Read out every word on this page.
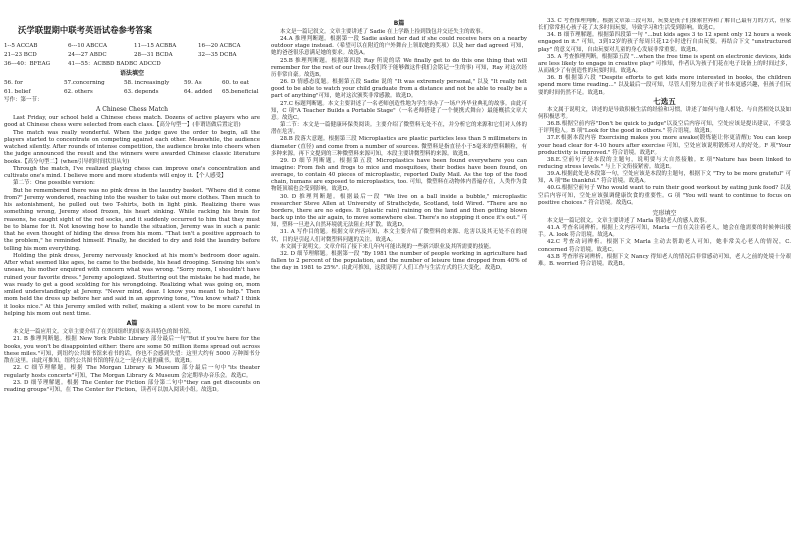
沃学联盟期中联考英语试卷参考答案
1--5 ACCAB	6---10 ABCCA	11---15 ACBBA	16---20 ACBCA
21--23 BCD	24---27 ABDC	28---31 BCDA	32---35 DCBA
36---40：BFEAG	41---55：ACBBD BADBC ADCCD
语法填空
56. for	57.concerning	58. increasingly	59. As	60. to eat
61. belief	62. others	63. depends	64. added	65.beneficial

写作：第一节：

A Chinese Chess Match

Last Friday, our school held a Chinese chess match. Dozens of active players who are good at Chinese chess were selected from each class.【高分句型一】(非谓语做后置定语)

The match was really wonderful. When the judge gave the order to begin, all the players started to concentrate on competing against each other. Meanwhile, the audience watched silently. After rounds of intense competition, the audience broke into cheers when the judge announced the result and the winners were awarded Chinese classic literature books.【高分句型二】(when引导的时间状语从句)

Through the match, I've realized playing chess can improve one's concentration and cultivate one's mind. I believe more and more students will enjoy it.【个人感受】

第二节：One possible version:

But he remembered there was no pink dress in the laundry basket. "Where did it come from?" Jeremy wondered, reaching into the washer to take out more clothes. Then much to his astonishment, he pulled out two T-shirts, both in light pink. Realizing there was something wrong, Jeremy stood frozen, his heart sinking. While racking his brain for reasons, he caught sight of the red socks, and it suddenly occurred to him that they must be to blame for it. Not knowing how to handle the situation, Jeremy was in such a panic that he even thought of hiding the dress from his mom. "That isn't a positive approach to the problem," he reminded himself. Finally, he decided to dry and fold the laundry before telling his mom everything.

Holding the pink dress, Jeremy nervously knocked at his mom's bedroom door again. After what seemed like ages, he came to the bedside, his head drooping. Sensing his son's unease, his mother enquired with concern what was wrong. "Sorry mom, I shouldn't have ruined your favorite dress." Jeremy apologized. Stuttering out the mistake he had made, he was ready to get a good scolding for his wrongdoing. Realizing what was going on, mom smiled understandingly at Jeremy. "Never mind, dear. I know you meant to help." Then mom held the dress up before her and said in an approving tone, "You know what? I think it looks nice." At this Jeremy smiled with relief, making a silent vow to be more careful in helping his mom out next time.

A篇

本文是一篇应用文。文章主要介绍了在美国组织的国家各具特色的图书馆。

21. B 推理判断题。根据 New York Public Library 部分最后一句"But if you're here for the books, you won't be disappointed either: there are some 50 million items spread out across these miles."可知，到纽约公共图书馆来看书的话，你也不会感到失望：这里大约有 5000 万种图书分散在这里。由此可推知，纽约公共图书馆的特点之一是有大量的藏书。故选B。

22. C 细节理解题。根据 The Morgan Library & Museum 部分最后一句中"its theater regularly hosts concerts"可知，The Morgan Library & Museum 会定期举办音乐会。故选C。

23. D 细节理解题。根据 The Center for Fiction 部分第二句中"they can get discounts on reading groups"可知，在 The Center for Fiction，读者可以加入阅读小组。故选D。

B篇

本文是一篇记叙文。文章主要讲述了 Sadie 在上学路上捡到钱包并交还失主的故事。

24.A 推理判断题。根据第一段 Sadie asked her dad if she could receive hers on a nearby outdoor stage instead.（希望可以在附近的户外舞台上领取她的奖项）以及 her dad agreed 可知，她的爸爸很乐意满足她的要求。故选A。

25.B 推理判断题。根据第四段 Ray 所说的话 We finally get to do this one thing that will remember for the rest of our lives.(我们终于能够做这件我们会铭记一生的事) 可知，Ray 对这次经历非常自豪。故选B。

26. D 情感态度题。根据第五段 Sadie 说的 "It was extremely personal," 以及 "It really felt good to be able to watch your child graduate from a distance and not be able to really be a part of anything"可知，她对这次颁奖非常感激。故选D。

27.C 标题判断题。本文主要讲述了一名老师创造性地为学生举办了一场户外毕业典礼的故事。由此可知，C 项"A Teacher Builds a Portable Stage"（一名老师搭建了一个便携式舞台）最能概括文章大意。故选C。

第二节：本文是一篇健康环保类阅读。主要介绍了微塑料无处不在，并分析它的来源和它们对人体的潜在危害。

28.B 段落大意题。根据第三段 Microplastics are plastic particles less than 5 millimeters in diameter (直径) and come from a number of sources. 微塑料是指直径小于5毫米的塑料颗粒，有多种来源。再下文提到的三种微塑料来源可知，本段主要讲微塑料的来源。故选B。

29. D 细节判断题。根据第五段 Microplastics have been found everywhere you can imagine: From fish and frogs to mice and mosquitoes, their bodies have been found, on average, to contain 40 pieces of microplastic, reported Daily Mail. As the top of the food chain, humans are exposed to microplastics, too. 可知，微塑料在动物体内普遍存在，人类作为食物链顶端也会受到影响。故选D。

30. D 推理判断题。根据最后一段 "We live on a ball inside a bubble," microplastic researcher Steve Allen at University of Strathclyde, Scotland, told Wired. "There are no borders, there are no edges. It (plastic rain) raining on the land and then getting blown back up into the air again, to move somewhere else. There's no stopping it once it's out." 可知，塑料一旦进入自然环境就无法阻止其扩散。故选D。

31. A 写作目的题。根据文章内容可知，本文主要介绍了微塑料的来源、危害以及其无处不在的现状，目的是引起人们对微塑料问题的关注。故选A。

本文属于说明文。文章介绍了接下来几年内可能出现的一些新兴职业及其所需要的技能。

32. D 细节理解题。根据第一段 "By 1981 the number of people working in agriculture had fallen to 2 percent of the population, and the number of leisure time dropped from 40% of the day in 1981 to 25%". 由此可推知，这段说明了人们工作与生活方式的巨大变化。故选D。

33. C 考查推理判断。根据文章第三段可知，玩耍是孩子们探索世界和了解自己最有力的方式，但家长们常常担心孩子花了太多时间玩耍，导致学习和生活受到影响。故选C。

34. B 细节理解题。根据第四段第一句 "...but kids ages 3 to 12 spent only 12 hours a week engaged in it." 可知，3到12岁的孩子每周只花12小时进行自由玩耍。再结合下文 "unstructured play" 的意义可知，自由玩耍对儿童的身心发展非常重要。故选B。

35. A 考查推理判断。根据第五段 "...when the free time is spent on electronic devices, kids are less likely to engage in creative play" 可推知，作者认为孩子们花在电子设备上的时间过多，从而减少了有创造性的玩耍时间。故选A。

36. B 根据第六段 "Despite efforts to get kids more interested in books, the children spend more time reading..." 以及最后一段可知，尽管人们努力让孩子对书本更感兴趣，但孩子们玩耍的时间仍然不足。故选B。

七选五

本文属于说明文，讲述的是导致积极生活的经验和习惯，讲述了如何与他人相处、与自然相处以及如何积极思考。

36.B.根据空前内容"Don't be quick to judge"以及空后内容可知，空处应该是提出建议，不要急于评判他人。B 项"Look for the good in others." 符合语境。故选B。

37.F.根据本段内容 Exercising makes you more awake(锻炼能让你更清醒); You can keep your head clear for 4-10 hours after exercise 可知，空处应该说明锻炼对人的好处。F 项"Your productivity is improved." 符合语境。故选F。

38.E.空前句子是本段的主题句，说明要与大自然接触。E 项"Nature has been linked to reducing stress levels." 与上下文衔接紧密。故选E。

39.A.根据此处是本段第一句，空处应该是本段的主题句，根据下文 "Try to be more grateful" 可知，A 项"Be thankful." 符合语境。故选A。

40.G.根据空前句子 Who would want to ruin their good workout by eating junk food? 以及空后内容可知，空处应该强调健康饮食的重要性。G 项 "You will want to continue to focus on positive choices." 符合语境。故选G。

完形填空

本文是一篇记叙文。文章主要讲述了 Marla 帮助老人的感人故事。

41.A 考查名词辨析。根据上文内容可知，Marla 一直在关注着老人，她会在他需要的时候伸出援手。A. look 符合语境。故选A。

42.C 考查动词辨析。根据下文 Marla 主动去帮助老人可知，她非常关心老人的情况，C. concerned 符合语境。故选C。

43.B 考查形容词辨析。根据下文 Nancy 得知老人的情况后非常感动可知，老人之前的处境十分艰难。B. worried 符合语境。故选B。
